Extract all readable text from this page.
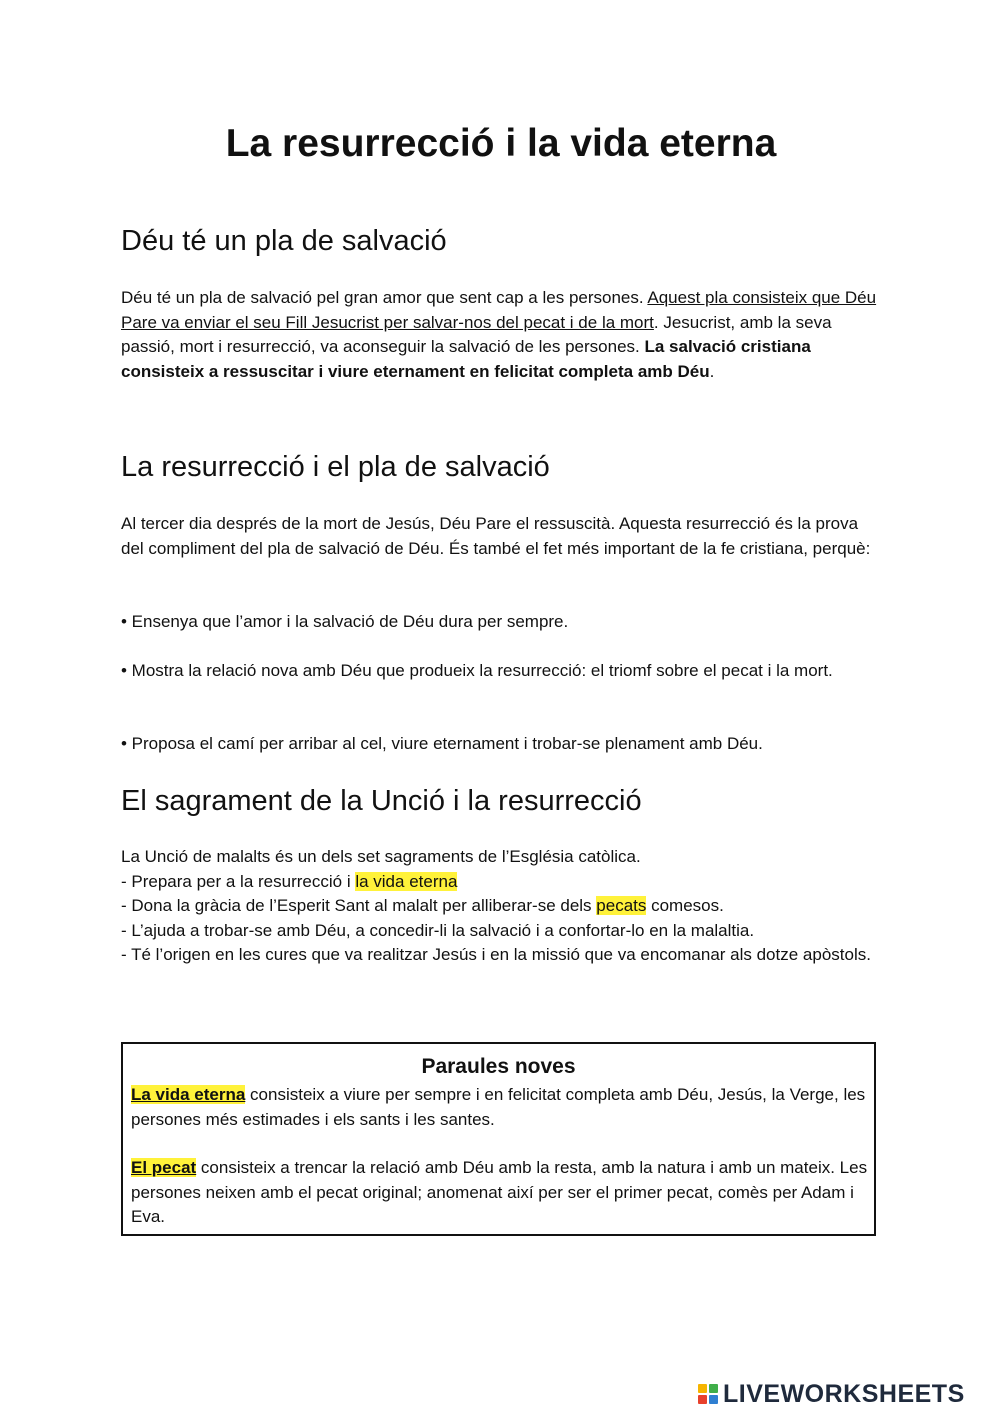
La resurrecció i la vida eterna
Déu té un pla de salvació

Déu té un pla de salvació pel gran amor que sent cap a les persones. Aquest pla consisteix que Déu Pare va enviar el seu Fill Jesucrist per salvar-nos del pecat i de la mort. Jesucrist, amb la seva passió, mort i resurrecció, va aconseguir la salvació de les persones. La salvació cristiana consisteix a ressuscitar i viure eternament en felicitat completa amb Déu.

La resurrecció i el pla de salvació

Al tercer dia després de la mort de Jesús, Déu Pare el ressuscità. Aquesta resurrecció és la prova del compliment del pla de salvació de Déu. És també el fet més important de la fe cristiana, perquè:

• Ensenya que l’amor i la salvació de Déu dura per sempre.

• Mostra la relació nova amb Déu que produeix la resurrecció: el triomf sobre el pecat i la mort.

• Proposa el camí per arribar al cel, viure eternament i trobar-se plenament amb Déu.

El sagrament de la Unció i la resurrecció
La Unció de malalts és un dels set sagraments de l’Església catòlica.
- Prepara per a la resurrecció i la vida eterna
- Dona la gràcia de l’Esperit Sant al malalt per alliberar-se dels pecats comesos.
- L’ajuda a trobar-se amb Déu, a concedir-li la salvació i a confortar-lo en la malaltia.
- Té l’origen en les cures que va realitzar Jesús i en la missió que va encomanar als dotze apòstols.
Paraules noves

La vida eterna consisteix a viure per sempre i en felicitat completa amb Déu, Jesús, la Verge, les persones més estimades i els sants i les santes.

El pecat consisteix a trencar la relació amb Déu amb la resta, amb la natura i amb un mateix. Les persones neixen amb el pecat original; anomenat així per ser el primer pecat, comès per Adam i Eva.

LIVEWORKSHEETS
